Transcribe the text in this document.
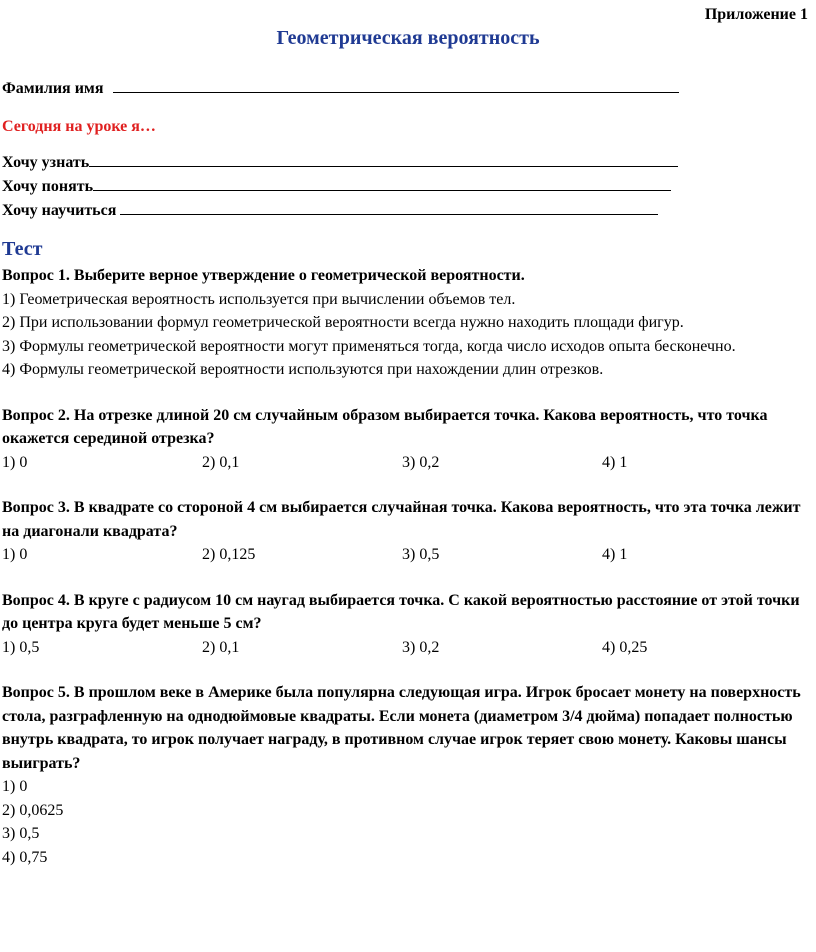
Приложение 1
Геометрическая вероятность
Фамилия имя
Сегодня на уроке я…
Хочу узнать
Хочу понять
Хочу научиться
Тест
Вопрос 1. Выберите верное утверждение о геометрической вероятности.
1) Геометрическая вероятность используется при вычислении объемов тел.
2) При использовании формул геометрической вероятности всегда нужно находить площади фигур.
3) Формулы геометрической вероятности могут применяться тогда, когда число исходов опыта бесконечно.
4) Формулы геометрической вероятности используются при нахождении длин отрезков.
Вопрос 2. На отрезке длиной 20 см случайным образом выбирается точка. Какова вероятность, что точка окажется серединой отрезка?
1) 0	2) 0,1	3) 0,2	4) 1
Вопрос 3. В квадрате со стороной 4 см выбирается случайная точка. Какова вероятность, что эта точка лежит на диагонали квадрата?
1) 0	2) 0,125	3) 0,5	4) 1
Вопрос 4. В круге с радиусом 10 см наугад выбирается точка. С какой вероятностью расстояние от этой точки до центра круга будет меньше 5 см?
1) 0,5	2) 0,1	3) 0,2	4) 0,25
Вопрос 5. В прошлом веке в Америке была популярна следующая игра. Игрок бросает монету на поверхность стола, разграфленную на однодюймовые квадраты. Если монета (диаметром 3/4 дюйма) попадает полностью внутрь квадрата, то игрок получает награду, в противном случае игрок теряет свою монету. Каковы шансы выиграть?
1) 0
2) 0,0625
3) 0,5
4) 0,75
